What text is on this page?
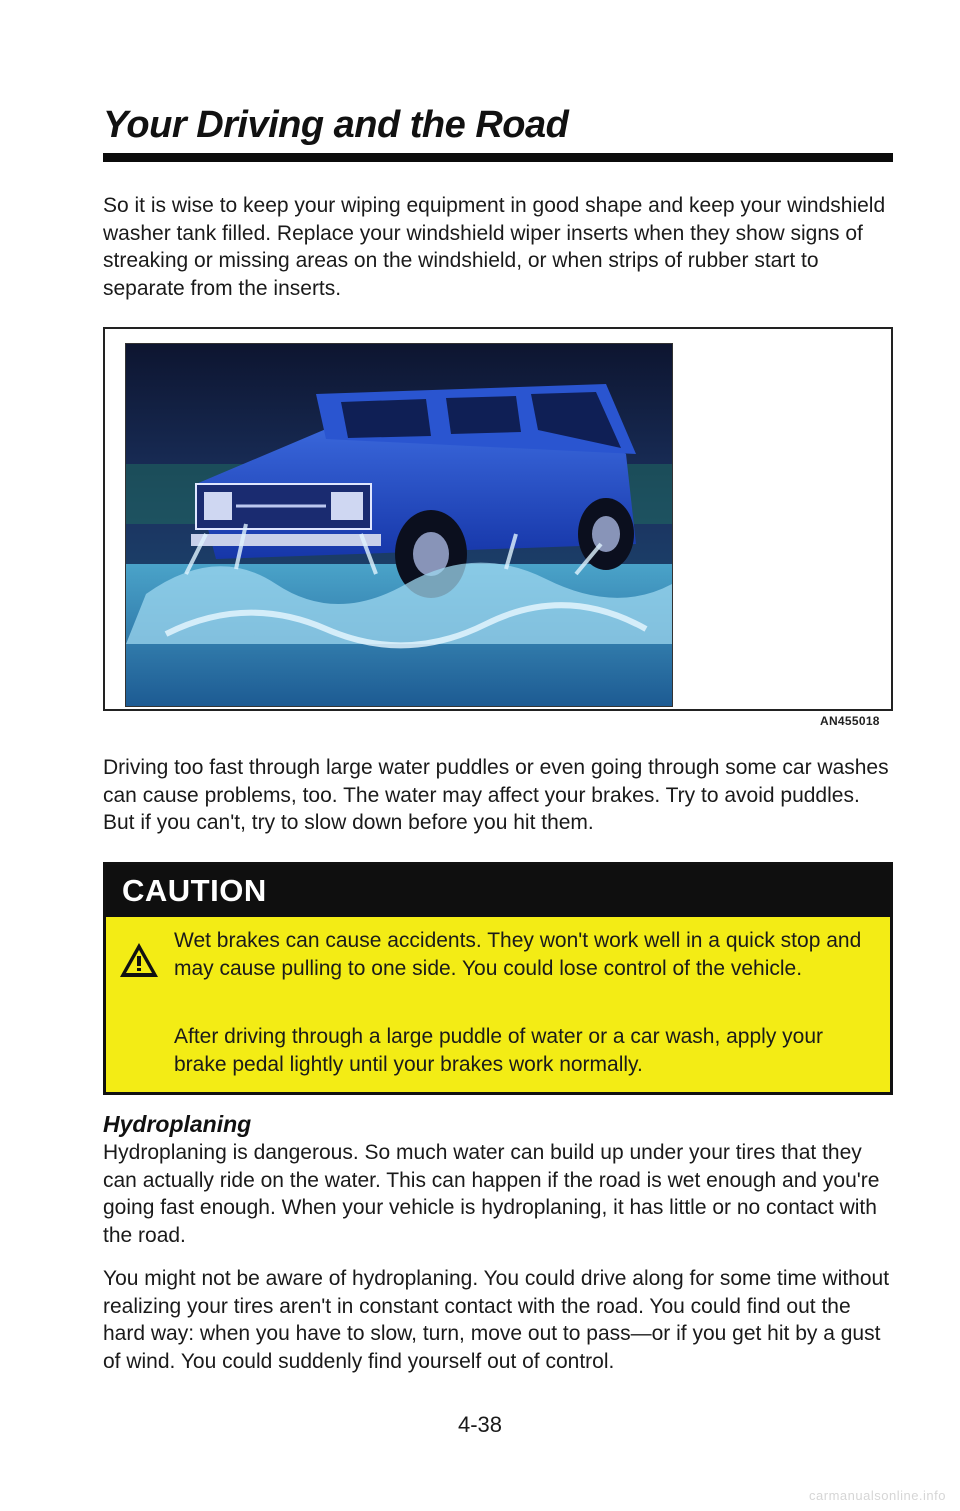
Your Driving and the Road

So it is wise to keep your wiping equipment in good shape and keep your windshield washer tank filled. Replace your windshield wiper inserts when they show signs of streaking or missing areas on the windshield, or when strips of rubber start to separate from the inserts.

AN455018

Driving too fast through large water puddles or even going through some car washes can cause problems, too. The water may affect your brakes. Try to avoid puddles. But if you can't, try to slow down before you hit them.

CAUTION

Wet brakes can cause accidents. They won't work well in a quick stop and may cause pulling to one side. You could lose control of the vehicle.

After driving through a large puddle of water or a car wash, apply your brake pedal lightly until your brakes work normally.

Hydroplaning

Hydroplaning is dangerous. So much water can build up under your tires that they can actually ride on the water. This can happen if the road is wet enough and you're going fast enough. When your vehicle is hydroplaning, it has little or no contact with the road.

You might not be aware of hydroplaning. You could drive along for some time without realizing your tires aren't in constant contact with the road. You could find out the hard way: when you have to slow, turn, move out to pass—or if you get hit by a gust of wind. You could suddenly find yourself out of control.

4-38
carmanualsonline.info
